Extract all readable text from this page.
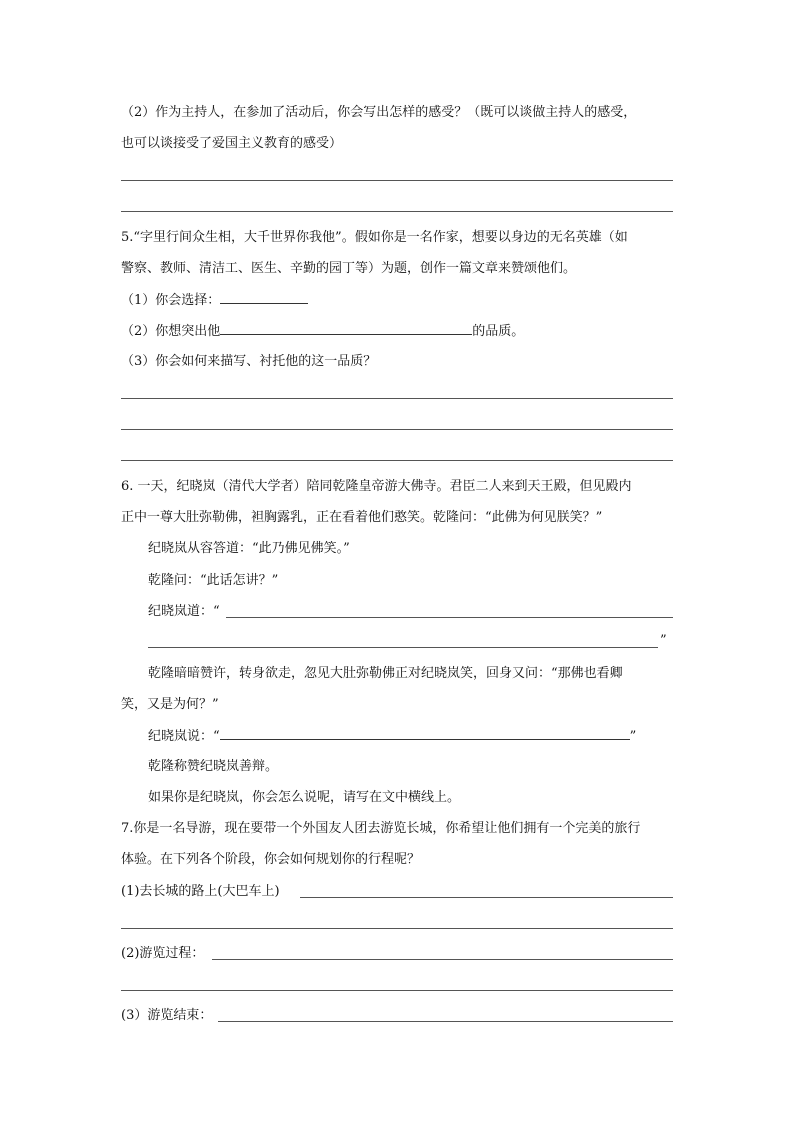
（2）作为主持人，在参加了活动后，你会写出怎样的感受？（既可以谈做主持人的感受，
也可以谈接受了爱国主义教育的感受）
5.“字里行间众生相，大千世界你我他”。假如你是一名作家，想要以身边的无名英雄（如
警察、教师、清洁工、医生、辛勤的园丁等）为题，创作一篇文章来赞颂他们。
（1）你会选择：
（2）你想突出他	的品质。
（3）你会如何来描写、衬托他的这一品质？
6. 一天，纪晓岚（清代大学者）陪同乾隆皇帝游大佛寺。君臣二人来到天王殿，但见殿内
正中一尊大肚弥勒佛，袒胸露乳，正在看着他们憨笑。乾隆问：“此佛为何见朕笑？”
纪晓岚从容答道：“此乃佛见佛笑。”
乾隆问：“此话怎讲？”
纪晓岚道：“
”
乾隆暗暗赞许，转身欲走，忽见大肚弥勒佛正对纪晓岚笑，回身又问：“那佛也看卿
笑，又是为何？”
纪晓岚说：“	”
乾隆称赞纪晓岚善辩。
如果你是纪晓岚，你会怎么说呢，请写在文中横线上。
7.你是一名导游，现在要带一个外国友人团去游览长城，你希望让他们拥有一个完美的旅行
体验。在下列各个阶段，你会如何规划你的行程呢？
(1)去长城的路上(大巴车上)
(2)游览过程：
(3）游览结束：
